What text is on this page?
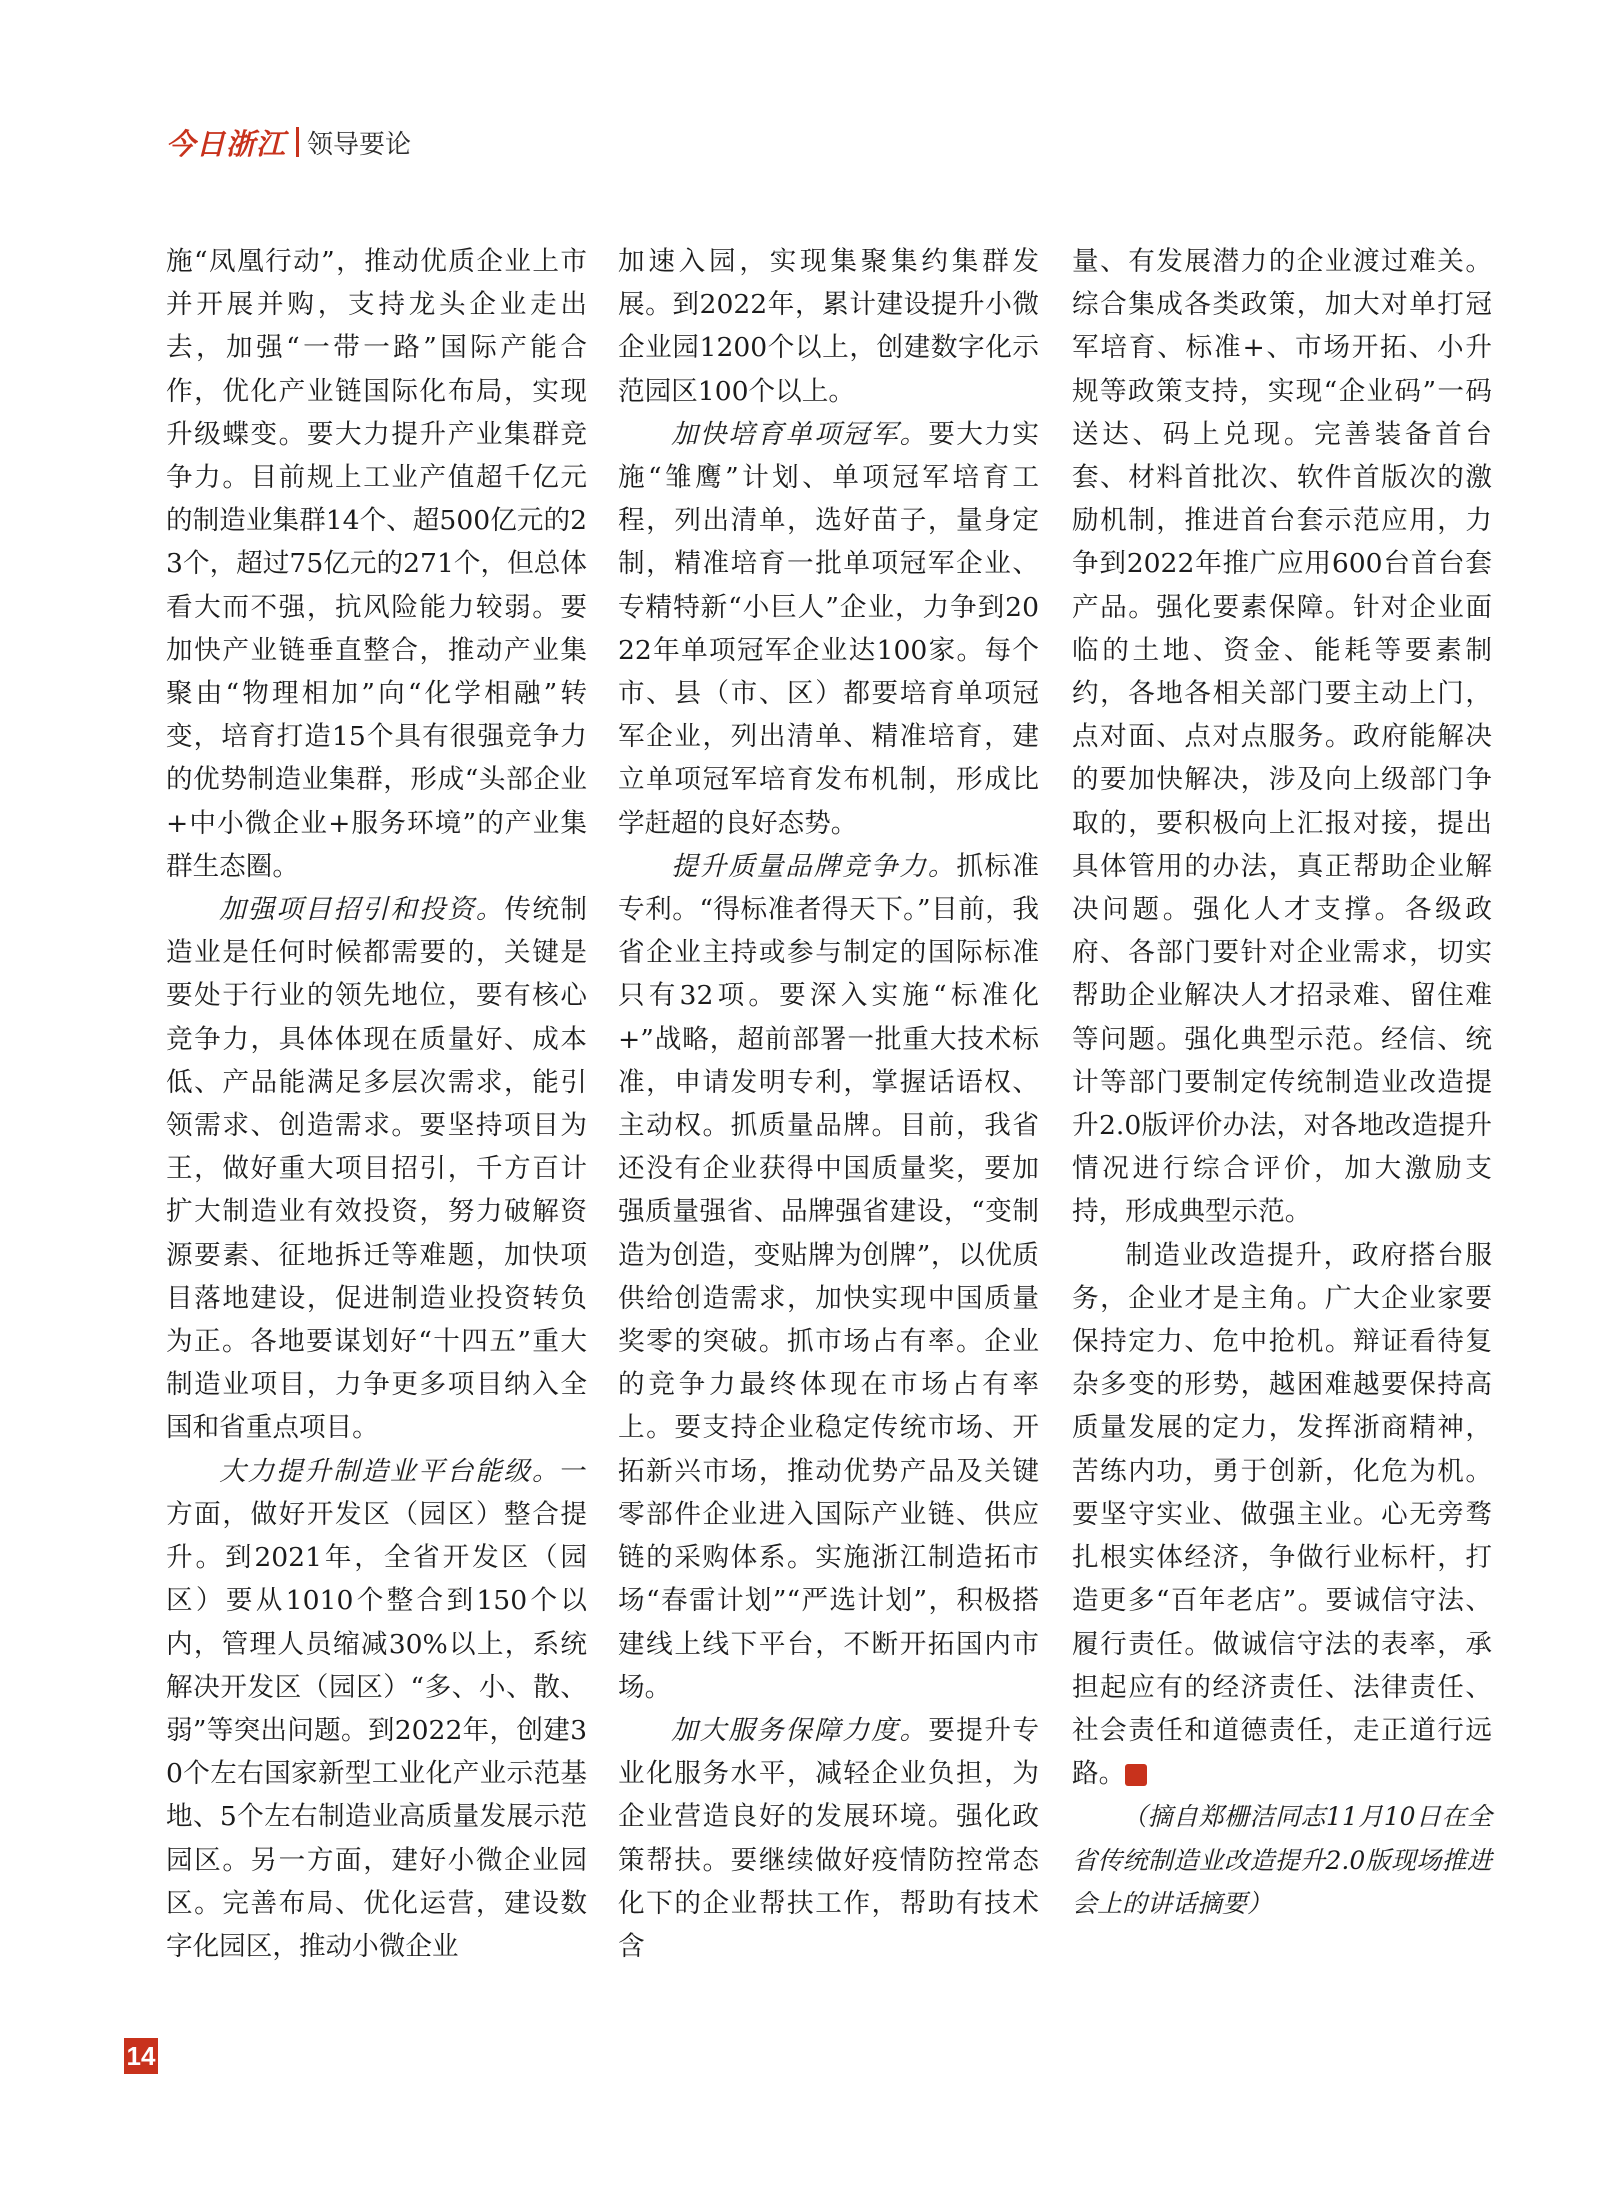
今日浙江 领导要论

施“凤凰行动”，推动优质企业上市并开展并购，支持龙头企业走出去，加强“一带一路”国际产能合作，优化产业链国际化布局，实现升级蝶变。要大力提升产业集群竞争力。目前规上工业产值超千亿元的制造业集群14个、超500亿元的23个，超过75亿元的271个，但总体看大而不强，抗风险能力较弱。要加快产业链垂直整合，推动产业集聚由“物理相加”向“化学相融”转变，培育打造15个具有很强竞争力的优势制造业集群，形成“头部企业+中小微企业+服务环境”的产业集群生态圈。

加强项目招引和投资。传统制造业是任何时候都需要的，关键是要处于行业的领先地位，要有核心竞争力，具体体现在质量好、成本低、产品能满足多层次需求，能引领需求、创造需求。要坚持项目为王，做好重大项目招引，千方百计扩大制造业有效投资，努力破解资源要素、征地拆迁等难题，加快项目落地建设，促进制造业投资转负为正。各地要谋划好“十四五”重大制造业项目，力争更多项目纳入全国和省重点项目。

大力提升制造业平台能级。一方面，做好开发区（园区）整合提升。到2021年，全省开发区（园区）要从1010个整合到150个以内，管理人员缩减30%以上，系统解决开发区（园区）“多、小、散、弱”等突出问题。到2022年，创建30个左右国家新型工业化产业示范基地、5个左右制造业高质量发展示范园区。另一方面，建好小微企业园区。完善布局、优化运营，建设数字化园区，推动小微企业

加速入园，实现集聚集约集群发展。到2022年，累计建设提升小微企业园1200个以上，创建数字化示范园区100个以上。

加快培育单项冠军。要大力实施“雏鹰”计划、单项冠军培育工程，列出清单，选好苗子，量身定制，精准培育一批单项冠军企业、专精特新“小巨人”企业，力争到2022年单项冠军企业达100家。每个市、县（市、区）都要培育单项冠军企业，列出清单、精准培育，建立单项冠军培育发布机制，形成比学赶超的良好态势。

提升质量品牌竞争力。抓标准专利。“得标准者得天下。”目前，我省企业主持或参与制定的国际标准只有32项。要深入实施“标准化+”战略，超前部署一批重大技术标准，申请发明专利，掌握话语权、主动权。抓质量品牌。目前，我省还没有企业获得中国质量奖，要加强质量强省、品牌强省建设，“变制造为创造，变贴牌为创牌”，以优质供给创造需求，加快实现中国质量奖零的突破。抓市场占有率。企业的竞争力最终体现在市场占有率上。要支持企业稳定传统市场、开拓新兴市场，推动优势产品及关键零部件企业进入国际产业链、供应链的采购体系。实施浙江制造拓市场“春雷计划”“严选计划”，积极搭建线上线下平台，不断开拓国内市场。

加大服务保障力度。要提升专业化服务水平，减轻企业负担，为企业营造良好的发展环境。强化政策帮扶。要继续做好疫情防控常态化下的企业帮扶工作，帮助有技术含

量、有发展潜力的企业渡过难关。综合集成各类政策，加大对单打冠军培育、标准+、市场开拓、小升规等政策支持，实现“企业码”一码送达、码上兑现。完善装备首台套、材料首批次、软件首版次的激励机制，推进首台套示范应用，力争到2022年推广应用600台首台套产品。强化要素保障。针对企业面临的土地、资金、能耗等要素制约，各地各相关部门要主动上门，点对面、点对点服务。政府能解决的要加快解决，涉及向上级部门争取的，要积极向上汇报对接，提出具体管用的办法，真正帮助企业解决问题。强化人才支撑。各级政府、各部门要针对企业需求，切实帮助企业解决人才招录难、留住难等问题。强化典型示范。经信、统计等部门要制定传统制造业改造提升2.0版评价办法，对各地改造提升情况进行综合评价，加大激励支持，形成典型示范。

制造业改造提升，政府搭台服务，企业才是主角。广大企业家要保持定力、危中抢机。辩证看待复杂多变的形势，越困难越要保持高质量发展的定力，发挥浙商精神，苦练内功，勇于创新，化危为机。要坚守实业、做强主业。心无旁骛扎根实体经济，争做行业标杆，打造更多“百年老店”。要诚信守法、履行责任。做诚信守法的表率，承担起应有的经济责任、法律责任、社会责任和道德责任，走正道行远路。	今

（摘自郑栅洁同志11月10日在全省传统制造业改造提升2.0版现场推进会上的讲话摘要）

14
